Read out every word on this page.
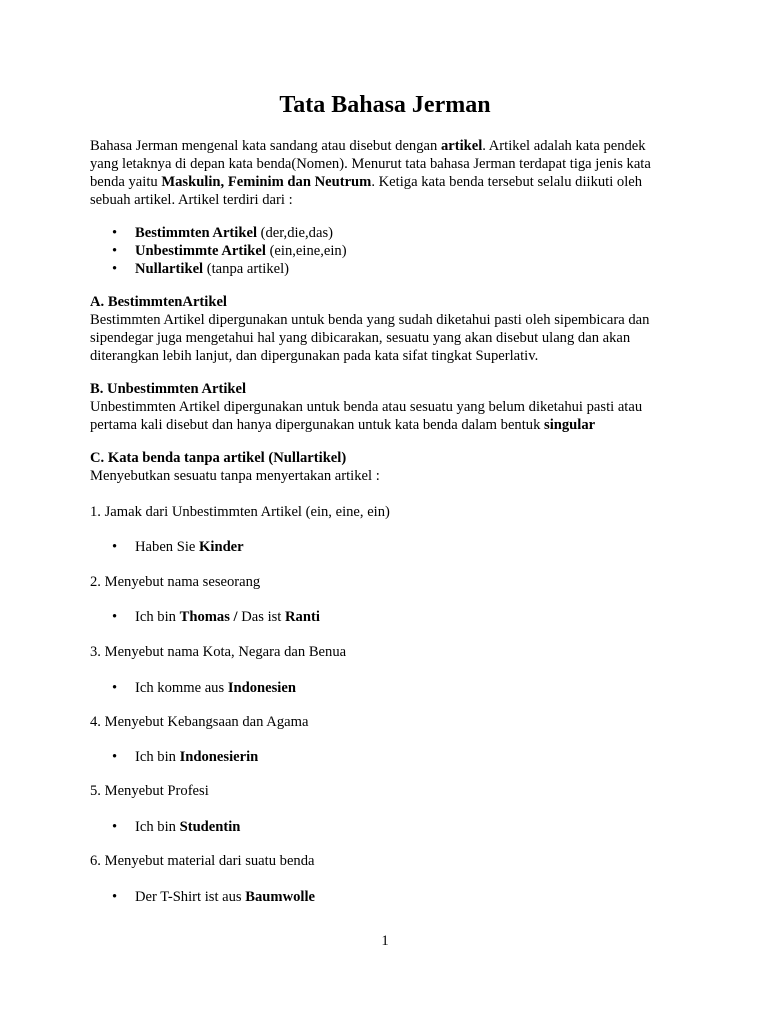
Tata Bahasa Jerman

Bahasa Jerman mengenal kata sandang atau disebut dengan artikel. Artikel adalah kata pendek

yang letaknya di depan kata benda(Nomen). Menurut tata bahasa Jerman terdapat tiga jenis kata

benda yaitu Maskulin, Feminim dan Neutrum. Ketiga kata benda tersebut selalu diikuti oleh

sebuah artikel. Artikel terdiri dari :

• Bestimmten Artikel (der,die,das)
• Unbestimmte Artikel (ein,eine,ein)
• Nullartikel (tanpa artikel)

A. BestimmtenArtikel

Bestimmten Artikel dipergunakan untuk benda yang sudah diketahui pasti oleh sipembicara dan

sipendegar juga mengetahui hal yang dibicarakan, sesuatu yang akan disebut ulang dan akan

diterangkan lebih lanjut, dan dipergunakan pada kata sifat tingkat Superlativ.

B. Unbestimmten Artikel

Unbestimmten Artikel dipergunakan untuk benda atau sesuatu yang belum diketahui pasti atau

pertama kali disebut dan hanya dipergunakan untuk kata benda dalam bentuk singular

C. Kata benda tanpa artikel (Nullartikel)

Menyebutkan sesuatu tanpa menyertakan artikel :

1. Jamak dari Unbestimmten Artikel (ein, eine, ein)

• Haben Sie Kinder

2. Menyebut nama seseorang

• Ich bin Thomas / Das ist Ranti

3. Menyebut nama Kota, Negara dan Benua

• Ich komme aus Indonesien

4. Menyebut Kebangsaan dan Agama

• Ich bin Indonesierin

5. Menyebut Profesi

• Ich bin Studentin

6. Menyebut material dari suatu benda

• Der T-Shirt ist aus Baumwolle
1
